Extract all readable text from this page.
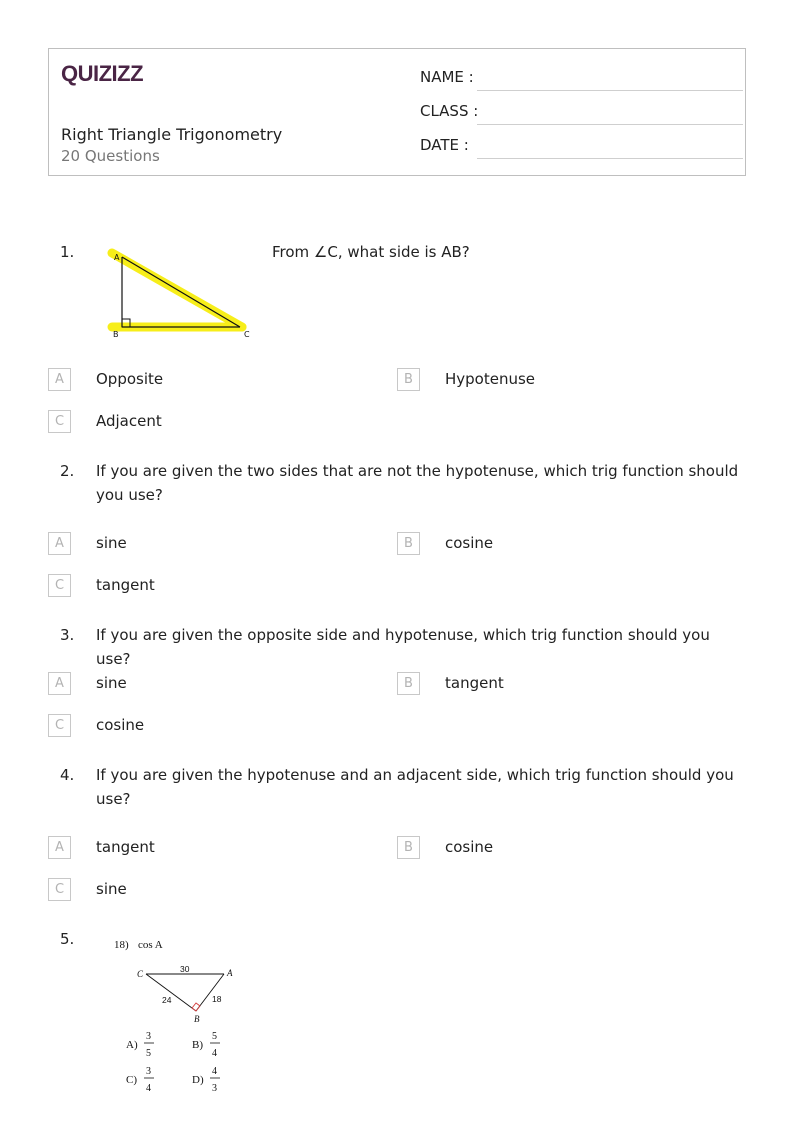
QUIZIZZ
Right Triangle Trigonometry
20 Questions
NAME :
CLASS :
DATE :
1.	A
B	C
From ∠C, what side is AB?
A	Opposite	B	Hypotenuse
C	Adjacent
2. If you are given the two sides that are not the hypotenuse, which trig function should you use?
A	sine	B	cosine
C	tangent
3. If you are given the opposite side and hypotenuse, which trig function should you use?
A	sine	B	tangent
C	cosine
4. If you are given the hypotenuse and an adjacent side, which trig function should you use?
A	tangent	B	cosine
C	sine
5.	18) cos A
C	A
B
30
24	18
A)
3
5
B)
5
4
C)
3
4
D)
4
3
